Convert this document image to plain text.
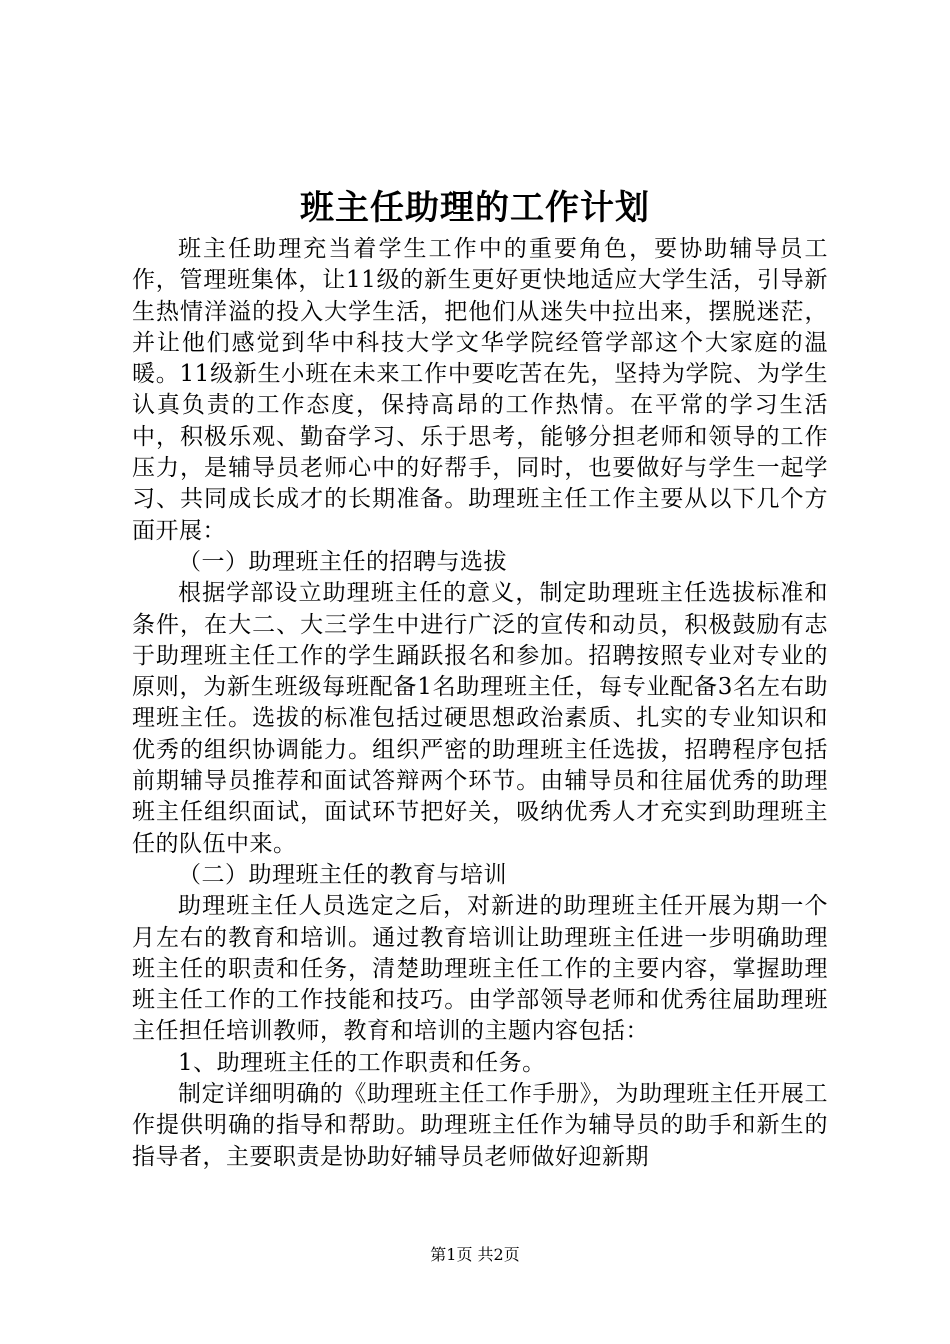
班主任助理的工作计划

班主任助理充当着学生工作中的重要角色，要协助辅导员工作，管理班集体，让11级的新生更好更快地适应大学生活，引导新生热情洋溢的投入大学生活，把他们从迷失中拉出来，摆脱迷茫，并让他们感觉到华中科技大学文华学院经管学部这个大家庭的温暖。11级新生小班在未来工作中要吃苦在先，坚持为学院、为学生认真负责的工作态度，保持高昂的工作热情。在平常的学习生活中，积极乐观、勤奋学习、乐于思考，能够分担老师和领导的工作压力，是辅导员老师心中的好帮手，同时，也要做好与学生一起学习、共同成长成才的长期准备。助理班主任工作主要从以下几个方面开展：

（一）助理班主任的招聘与选拔

根据学部设立助理班主任的意义，制定助理班主任选拔标准和条件，在大二、大三学生中进行广泛的宣传和动员，积极鼓励有志于助理班主任工作的学生踊跃报名和参加。招聘按照专业对专业的原则，为新生班级每班配备1名助理班主任，每专业配备3名左右助理班主任。选拔的标准包括过硬思想政治素质、扎实的专业知识和优秀的组织协调能力。组织严密的助理班主任选拔，招聘程序包括前期辅导员推荐和面试答辩两个环节。由辅导员和往届优秀的助理班主任组织面试，面试环节把好关，吸纳优秀人才充实到助理班主任的队伍中来。

（二）助理班主任的教育与培训

助理班主任人员选定之后，对新进的助理班主任开展为期一个月左右的教育和培训。通过教育培训让助理班主任进一步明确助理班主任的职责和任务，清楚助理班主任工作的主要内容，掌握助理班主任工作的工作技能和技巧。由学部领导老师和优秀往届助理班主任担任培训教师，教育和培训的主题内容包括：

1、助理班主任的工作职责和任务。

制定详细明确的《助理班主任工作手册》，为助理班主任开展工作提供明确的指导和帮助。助理班主任作为辅导员的助手和新生的指导者，主要职责是协助好辅导员老师做好迎新期

第1页 共2页
